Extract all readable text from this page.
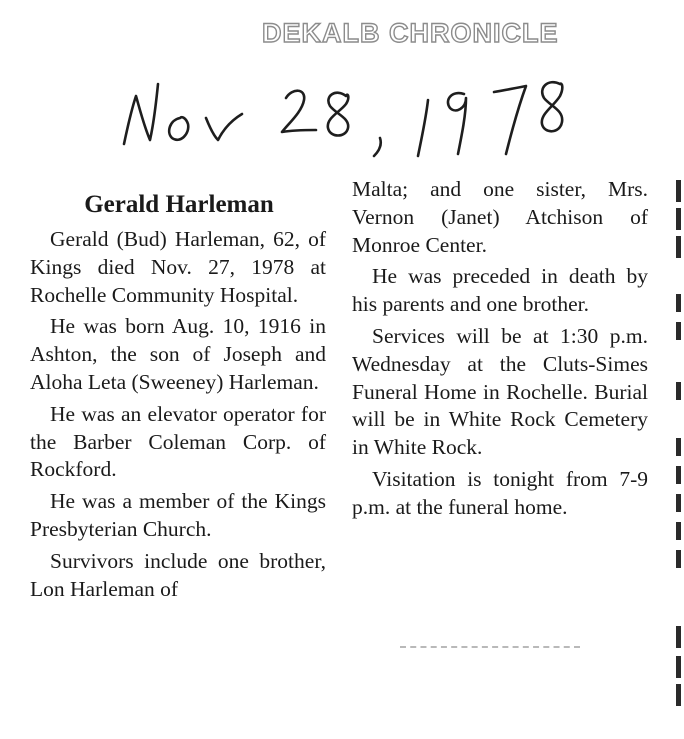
DEKALB CHRONICLE
Gerald Harleman

Gerald (Bud) Harleman, 62, of Kings died Nov. 27, 1978 at Rochelle Community Hospital.

He was born Aug. 10, 1916 in Ashton, the son of Joseph and Aloha Leta (Sweeney) Harleman.

He was an elevator operator for the Barber Coleman Corp. of Rockford.

He was a member of the Kings Presbyterian Church.

Survivors include one brother, Lon Harleman of

Malta; and one sister, Mrs. Vernon (Janet) Atchison of Monroe Center.

He was preceded in death by his parents and one brother.

Services will be at 1:30 p.m. Wednesday at the Cluts-Simes Funeral Home in Rochelle. Burial will be in White Rock Cemetery in White Rock.

Visitation is tonight from 7-9 p.m. at the funeral home.
